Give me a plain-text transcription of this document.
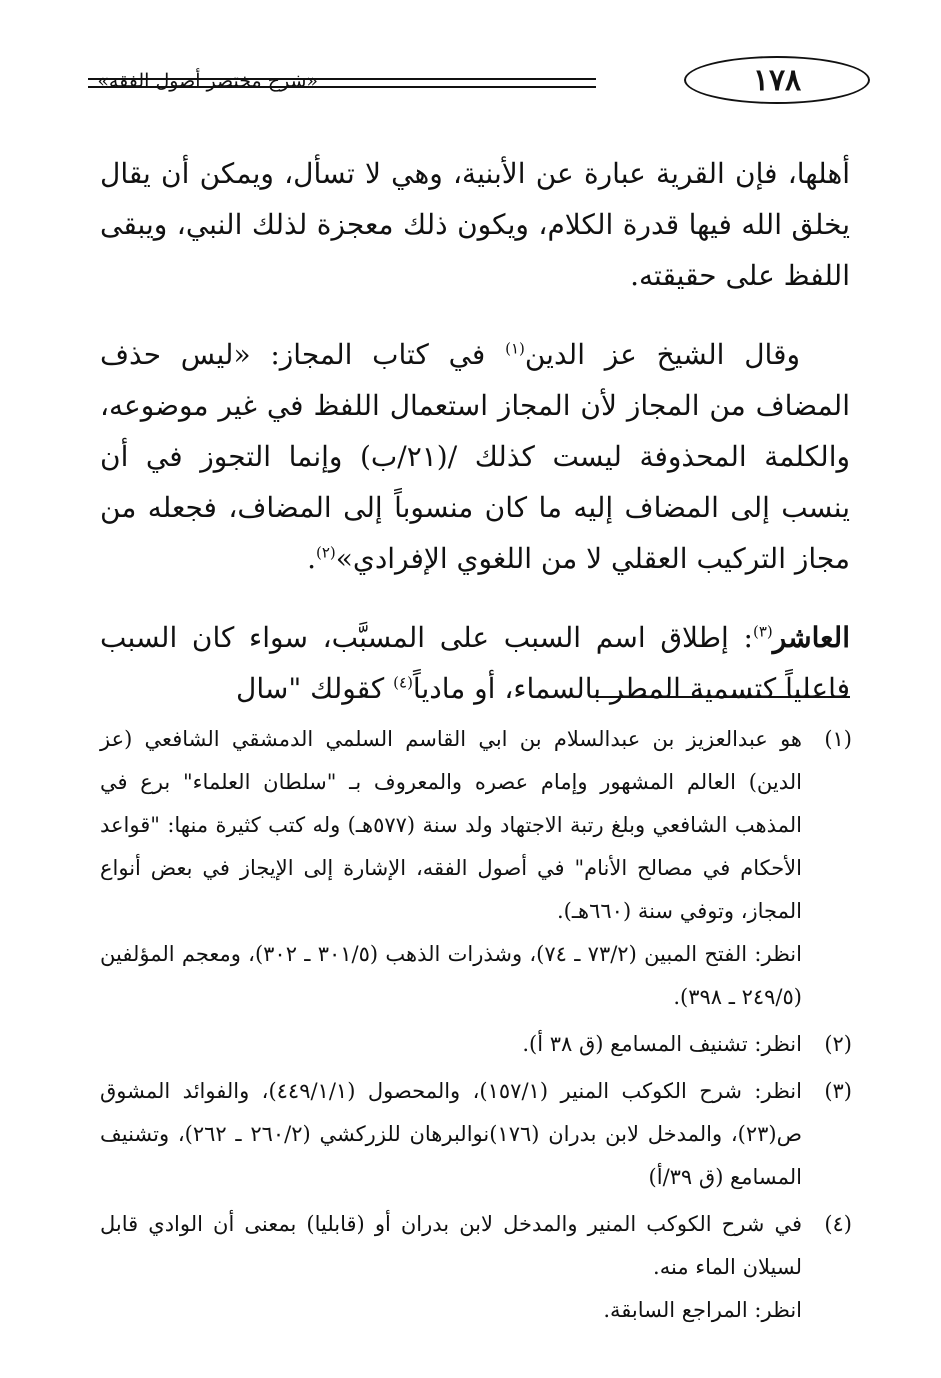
١٧٨
«شرح مختصر أصول الفقه»

أهلها، فإن القرية عبارة عن الأبنية، وهي لا تسأل، ويمكن أن يقال يخلق الله فيها قدرة الكلام، ويكون ذلك معجزة لذلك النبي، ويبقى اللفظ على حقيقته.

وقال الشيخ عز الدين$^{(١)}$ في كتاب المجاز: «ليس حذف المضاف من المجاز لأن المجاز استعمال اللفظ في غير موضوعه، والكلمة المحذوفة ليست كذلك /(٢١/ب) وإنما التجوز في أن ينسب إلى المضاف إليه ما كان منسوباً إلى المضاف، فجعله من مجاز التركيب العقلي لا من اللغوي الإفرادي»$^{(٢)}$.

العاشر$^{(٣)}$: إطلاق اسم السبب على المسبَّب، سواء كان السبب فاعلياً كتسمية المطر بالسماء، أو مادياً$^{(٤)}$ كقولك "سال

(١)
هو عبدالعزيز بن عبدالسلام بن ابي القاسم السلمي الدمشقي الشافعي (عز الدين) العالم المشهور وإمام عصره والمعروف بـ "سلطان العلماء" برع في المذهب الشافعي وبلغ رتبة الاجتهاد ولد سنة (٥٧٧هـ) وله كتب كثيرة منها: "قواعد الأحكام في مصالح الأنام" في أصول الفقه، الإشارة إلى الإيجاز في بعض أنواع المجاز، وتوفي سنة (٦٦٠هـ).
انظر: الفتح المبين (٧٣/٢ ـ ٧٤)، وشذرات الذهب (٣٠١/٥ ـ ٣٠٢)، ومعجم المؤلفين (٢٤٩/٥ ـ ٣٩٨).
(٢)
انظر: تشنيف المسامع (ق ٣٨ أ).
(٣)
انظر: شرح الكوكب المنير (١٥٧/١)، والمحصول (٤٤٩/١/١)، والفوائد المشوق ص(٢٣)، والمدخل لابن بدران (١٧٦)نوالبرهان للزركشي (٢٦٠/٢ ـ ٢٦٢)، وتشنيف المسامع (ق ٣٩/أ)
(٤)
في شرح الكوكب المنير والمدخل لابن بدران أو (قابليا) بمعنى أن الوادي قابل لسيلان الماء منه.
انظر: المراجع السابقة.
